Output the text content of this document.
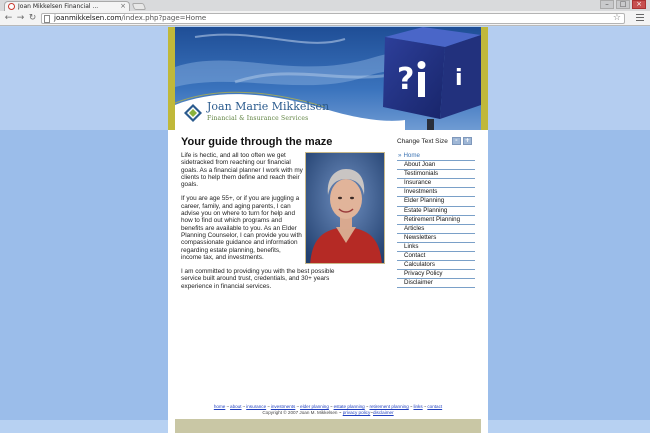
Joan Mikkelsen Financial ...	×	–	□	×
← → ↻	joanmikkelsen.com/index.php?page=Home	☆
? i
Joan Marie Mikkelsen
Financial & Insurance Services
Your guide through the maze

Life is hectic, and all too often we get sidetracked from reaching our financial goals. As a financial planner I work with my clients to help them define and reach their goals.

If you are age 55+, or if you are juggling a career, family, and aging parents, I can advise you on where to turn for help and how to find out which programs and benefits are available to you. As an Elder Planning Counselor, I can provide you with compassionate guidance and information regarding estate planning, benefits, income tax, and investments.

I am committed to providing you with the best possible service built around trust, credentials, and 30+ years experience in financial services.

Change Text Size	-	+
» Home
About Joan
Testimonials
Insurance
Investments
Elder Planning
Estate Planning
Retirement Planning
Articles
Newsletters
Links
Contact
Calculators
Privacy Policy
Disclaimer
home~about~insurance~investments~elder planning~estate planning~retirement planning~links~contact
Copyright © 2007 Joan M. Mikkelsen ~ privacy policy~disclaimer
